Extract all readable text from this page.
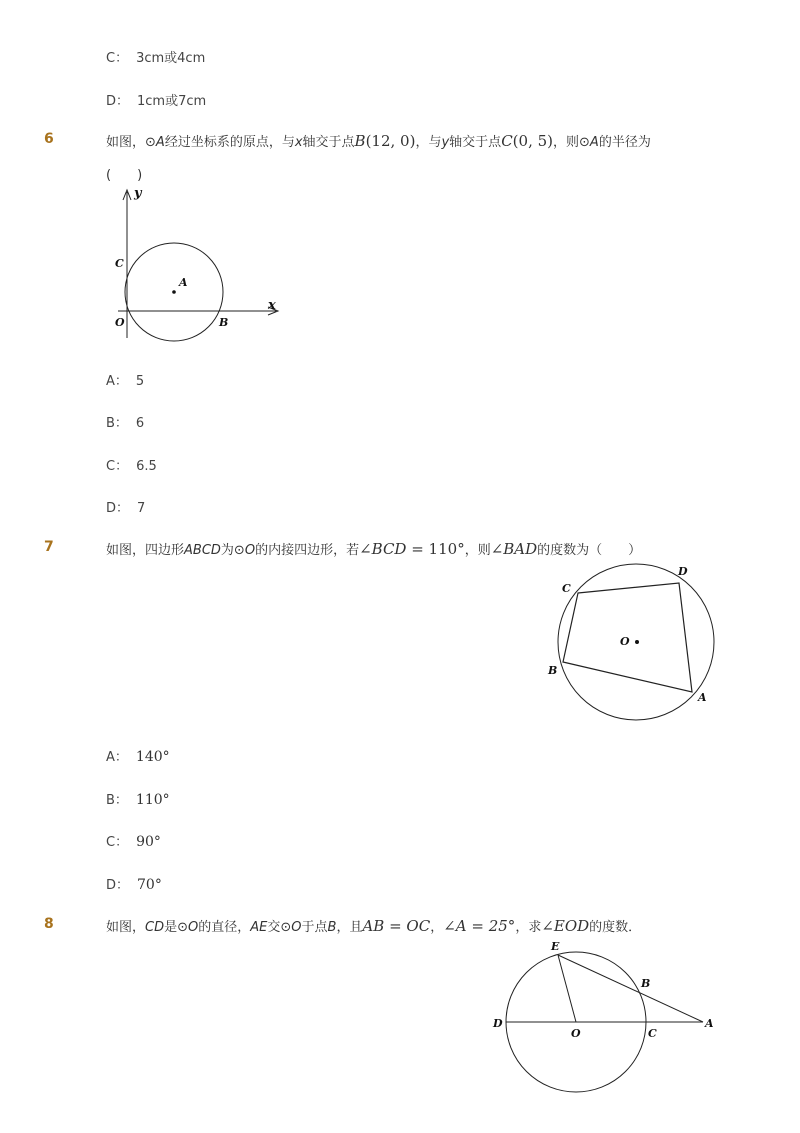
C： 3cm或4cm
D： 1cm或7cm
6	如图，⊙A经过坐标系的原点，与x轴交于点B(12, 0)，与y轴交于点C(0, 5)，则⊙A的半径为
(　　)
y
x
C
A
O	B
A： 5
B： 6
C： 6.5
D： 7
7	如图，四边形ABCD为⊙O的内接四边形，若∠BCD = 110°，则∠BAD的度数为（　　）
C
D
O
B
A
A： 140°
B： 110°
C： 90°
D： 70°
8	如图，CD是⊙O的直径，AE交⊙O于点B，且AB = OC，∠A = 25°，求∠EOD的度数．
E
B
D
O	C
A
